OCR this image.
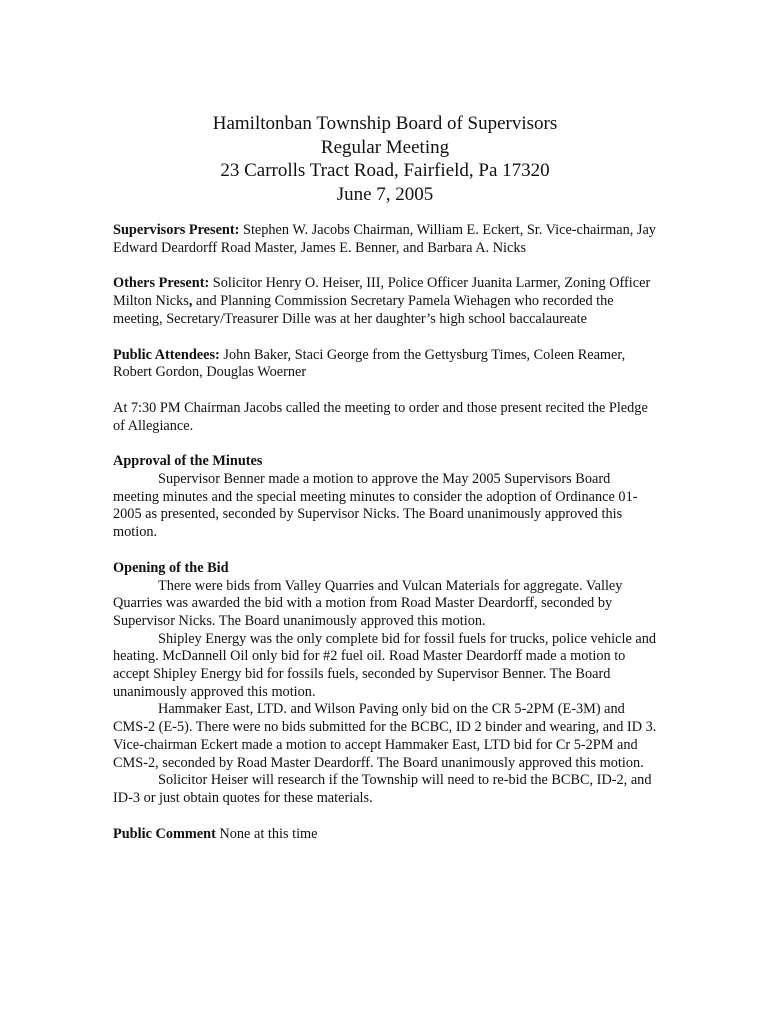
Hamiltonban Township Board of Supervisors
Regular Meeting
23 Carrolls Tract Road, Fairfield, Pa 17320
June 7, 2005

Supervisors Present: Stephen W. Jacobs Chairman, William E. Eckert, Sr. Vice-chairman, Jay Edward Deardorff Road Master, James E. Benner, and Barbara A. Nicks

Others Present: Solicitor Henry O. Heiser, III, Police Officer Juanita Larmer, Zoning Officer Milton Nicks, and Planning Commission Secretary Pamela Wiehagen who recorded the meeting, Secretary/Treasurer Dille was at her daughter’s high school baccalaureate

Public Attendees: John Baker, Staci George from the Gettysburg Times, Coleen Reamer, Robert Gordon, Douglas Woerner

At 7:30 PM Chairman Jacobs called the meeting to order and those present recited the Pledge of Allegiance.

Approval of the Minutes

Supervisor Benner made a motion to approve the May 2005 Supervisors Board meeting minutes and the special meeting minutes to consider the adoption of Ordinance 01-2005 as presented, seconded by Supervisor Nicks. The Board unanimously approved this motion.

Opening of the Bid

There were bids from Valley Quarries and Vulcan Materials for aggregate. Valley Quarries was awarded the bid with a motion from Road Master Deardorff, seconded by Supervisor Nicks. The Board unanimously approved this motion.

Shipley Energy was the only complete bid for fossil fuels for trucks, police vehicle and heating. McDannell Oil only bid for #2 fuel oil. Road Master Deardorff made a motion to accept Shipley Energy bid for fossils fuels, seconded by Supervisor Benner. The Board unanimously approved this motion.

Hammaker East, LTD. and Wilson Paving only bid on the CR 5-2PM (E-3M) and CMS-2 (E-5). There were no bids submitted for the BCBC, ID 2 binder and wearing, and ID 3. Vice-chairman Eckert made a motion to accept Hammaker East, LTD bid for Cr 5-2PM and CMS-2, seconded by Road Master Deardorff. The Board unanimously approved this motion.

Solicitor Heiser will research if the Township will need to re-bid the BCBC, ID-2, and ID-3 or just obtain quotes for these materials.

Public Comment None at this time
